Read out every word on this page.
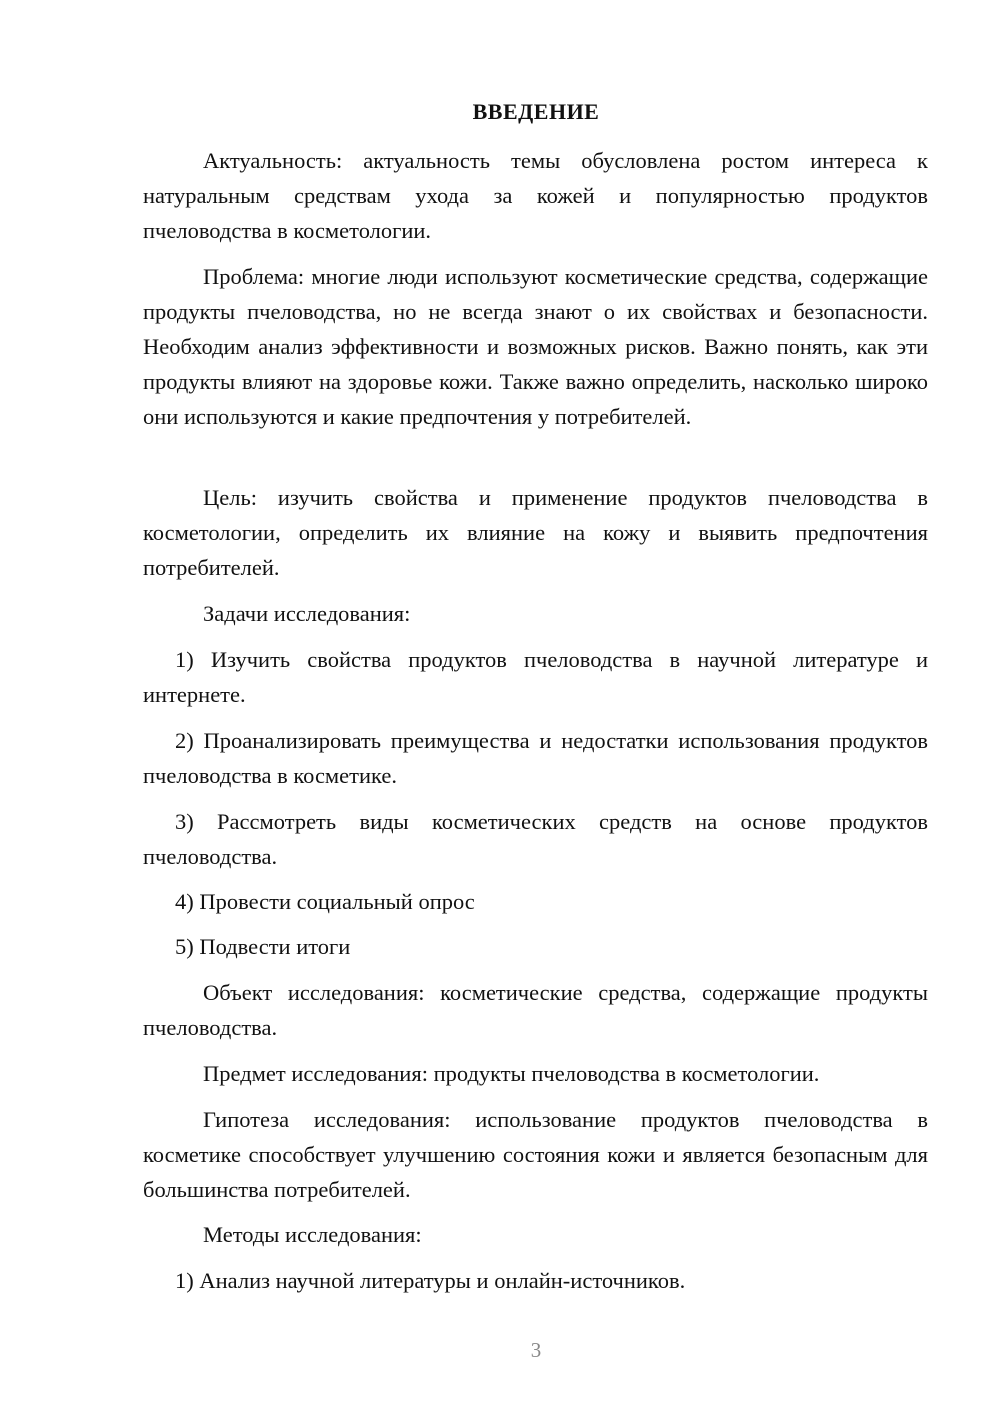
ВВЕДЕНИЕ

Актуальность: актуальность темы обусловлена ростом интереса к натуральным средствам ухода за кожей и популярностью продуктов пчеловодства в косметологии.

Проблема: многие люди используют косметические средства, содержащие продукты пчеловодства, но не всегда знают о их свойствах и безопасности. Необходим анализ эффективности и возможных рисков. Важно понять, как эти продукты влияют на здоровье кожи. Также важно определить, насколько широко они используются и какие предпочтения у потребителей.

Цель: изучить свойства и применение продуктов пчеловодства в косметологии, определить их влияние на кожу и выявить предпочтения потребителей.

Задачи исследования:

1) Изучить свойства продуктов пчеловодства в научной литературе и интернете.

2) Проанализировать преимущества и недостатки использования продуктов пчеловодства в косметике.

3) Рассмотреть виды косметических средств на основе продуктов пчеловодства.

4) Провести социальный опрос

5) Подвести итоги

Объект исследования: косметические средства, содержащие продукты пчеловодства.

Предмет исследования: продукты пчеловодства в косметологии.

Гипотеза исследования: использование продуктов пчеловодства в косметике способствует улучшению состояния кожи и является безопасным для большинства потребителей.

Методы исследования:

1) Анализ научной литературы и онлайн-источников.

3
